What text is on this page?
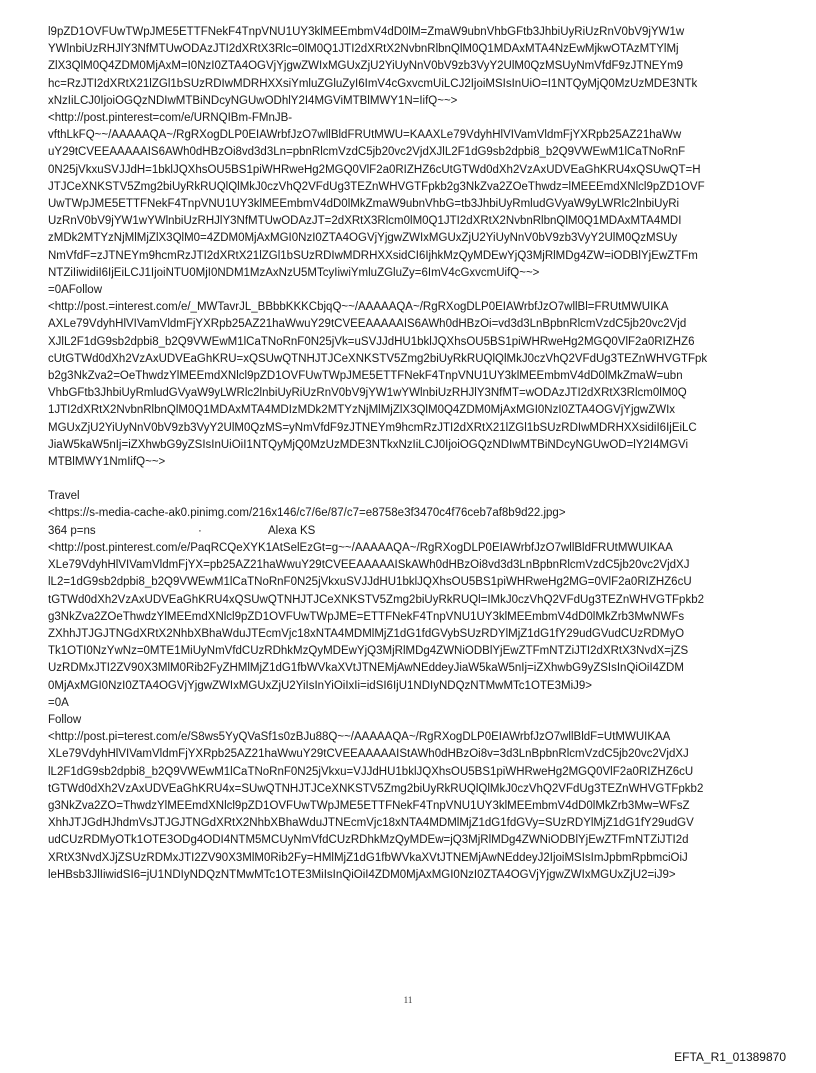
l9pZD1OVFUwTWpJME5ETTFNekF4TnpVNU1UY3klMEEmbmV4dD0lM=ZmaW9ubnVhbGFtb3JhbiUyRiUzRnV0bV9jYW1w
YWlnbiUzRHJlY3NfMTUwODAzJTI2dXRtX3Rlc=0lM0Q1JTI2dXRtX2NvbnRlbnQlM0Q1MDAxMTA4NzEwMjkwOTAzMTYlMj
ZlX3QlM0Q4ZDM0MjAxM=I0NzI0ZTA4OGVjYjgwZWIxMGUxZjU2YiUyNnV0bV9zb3VyY2UlM0QzMSUyNmVfdF9zJTNEYm9
hc=RzJTI2dXRtX21lZGl1bSUzRDIwMDRHXXsiYmluZGluZyI6ImV4cGxvcmUiLCJ2IjoiMSIsInUiO=I1NTQyMjQ0MzUzMDE3NTk
xNzIiLCJ0IjoiOGQzNDIwMTBiNDcyNGUwODhlY2I4MGViMTBlMWY1N=IifQ~~>
<http://post.pinterest=com/e/URNQIBm-FMnJB-
vfthLkFQ~~/AAAAAQA~/RgRXogDLP0EIAWrbfJzO7wllBldFRUtMWU=KAAXLe79VdyhHlVIVamVldmFjYXRpb25AZ21haWw
uY29tCVEEAAAAAIS6AWh0dHBzOi8vd3d3Ln=pbnRlcmVzdC5jb20vc2VjdXJlL2F1dG9sb2dpbi8_b2Q9VWEwM1lCaTNoRnF
0N25jVkxuSVJJdH=1bklJQXhsOU5BS1piWHRweHg2MGQ0VlF2a0RIZHZ6cUtGTWd0dXh2VzAxUDVEaGhKRU4xQSUwQT=H
JTJCeXNKSTV5Zmg2biUyRkRUQlQlMkJ0czVhQ2VFdUg3TEZnWHVGTFpkb2g3NkZva2ZOeThwdz=lMEEEmdXNlcl9pZD1OVF
UwTWpJME5ETTFNekF4TnpVNU1UY3klMEEmbmV4dD0lMkZmaW9ubnVhbG=tb3JhbiUyRmludGVyaW9yLWRlc2lnbiUyRi
UzRnV0bV9jYW1wYWlnbiUzRHJlY3NfMTUwODAzJT=2dXRtX3Rlcm0lM0Q1JTI2dXRtX2NvbnRlbnQlM0Q1MDAxMTA4MDI
zMDk2MTYzNjMlMjZlX3QlM0=4ZDM0MjAxMGI0NzI0ZTA4OGVjYjgwZWIxMGUxZjU2YiUyNnV0bV9zb3VyY2UlM0QzMSUy
NmVfdF=zJTNEYm9hcmRzJTI2dXRtX21lZGl1bSUzRDIwMDRHXXsidCI6IjhkMzQyMDEwYjQ3MjRlMDg4ZW=iODBlYjEwZTFm
NTZiIiwidiI6IjEiLCJ1IjoiNTU0MjI0NDM1MzAxNzU5MTcyIiwiYmluZGluZy=6ImV4cGxvcmUifQ~~>
=0AFollow
<http://post.=interest.com/e/_MWTavrJL_BBbbKKKCbjqQ~~/AAAAAQA~/RgRXogDLP0EIAWrbfJzO7wllBl=FRUtMWUIKA
AXLe79VdyhHlVIVamVldmFjYXRpb25AZ21haWwuY29tCVEEAAAAAIS6AWh0dHBzOi=vd3d3LnBpbnRlcmVzdC5jb20vc2Vjd
XJlL2F1dG9sb2dpbi8_b2Q9VWEwM1lCaTNoRnF0N25jVk=uSVJJdHU1bklJQXhsOU5BS1piWHRweHg2MGQ0VlF2a0RIZHZ6
cUtGTWd0dXh2VzAxUDVEaGhKRU=xQSUwQTNHJTJCeXNKSTV5Zmg2biUyRkRUQlQlMkJ0czVhQ2VFdUg3TEZnWHVGTFpk
b2g3NkZva2=OeThwdzYlMEEmdXNlcl9pZD1OVFUwTWpJME5ETTFNekF4TnpVNU1UY3klMEEmbmV4dD0lMkZmaW=ubn
VhbGFtb3JhbiUyRmludGVyaW9yLWRlc2lnbiUyRiUzRnV0bV9jYW1wYWlnbiUzRHJlY3NfMT=wODAzJTI2dXRtX3Rlcm0lM0Q
1JTI2dXRtX2NvbnRlbnQlM0Q1MDAxMTA4MDIzMDk2MTYzNjMlMjZlX3QlM0Q4ZDM0MjAxMGI0NzI0ZTA4OGVjYjgwZWIx
MGUxZjU2YiUyNnV0bV9zb3VyY2UlM0QzMS=yNmVfdF9zJTNEYm9hcmRzJTI2dXRtX21lZGl1bSUzRDIwMDRHXXsidiI6IjEiLC
JiaW5kaW5nIj=iZXhwbG9yZSIsInUiOiI1NTQyMjQ0MzUzMDE3NTkxNzIiLCJ0IjoiOGQzNDIwMTBiNDcyNGUwOD=lY2I4MGVi
MTBlMWY1NmIifQ~~>
Travel
<https://s-media-cache-ak0.pinimg.com/216x146/c7/6e/87/c7=e8758e3f3470c4f76ceb7af8b9d22.jpg>
364 p=ns	·	Alexa KS
<http://post.pinterest.com/e/PaqRCQeXYK1AtSelEzGt=g~~/AAAAAQA~/RgRXogDLP0EIAWrbfJzO7wllBldFRUtMWUIKAA
XLe79VdyhHlVIVamVldmFjYX=pb25AZ21haWwuY29tCVEEAAAAAISkAWh0dHBzOi8vd3d3LnBpbnRlcmVzdC5jb20vc2VjdXJ
lL2=1dG9sb2dpbi8_b2Q9VWEwM1lCaTNoRnF0N25jVkxuSVJJdHU1bklJQXhsOU5BS1piWHRweHg2MG=0VlF2a0RIZHZ6cU
tGTWd0dXh2VzAxUDVEaGhKRU4xQSUwQTNHJTJCeXNKSTV5Zmg2biUyRkRUQl=IMkJ0czVhQ2VFdUg3TEZnWHVGTFpkb2
g3NkZva2ZOeThwdzYlMEEmdXNlcl9pZD1OVFUwTWpJME=ETTFNekF4TnpVNU1UY3klMEEmbmV4dD0lMkZrb3MwNWFs
ZXhhJTJGJTNGdXRtX2NhbXBhaWduJTEcmVjc18xNTA4MDMlMjZ1dG1fdGVybSUzRDYlMjZ1dG1fY29udGVudCUzRDMyO
Tk1OTI0NzYwNz=0MTE1MiUyNmVfdCUzRDhkMzQyMDEwYjQ3MjRlMDg4ZWNiODBlYjEwZTFmNTZiJTI2dXRtX3NvdX=jZS
UzRDMxJTI2ZV90X3MlM0Rib2FyZHMlMjZ1dG1fbWVkaXVtJTNEMjAwNEddeyJiaW5kaW5nIj=iZXhwbG9yZSIsInQiOiI4ZDM
0MjAxMGI0NzI0ZTA4OGVjYjgwZWIxMGUxZjU2YiIsInYiOiIxIi=idSI6IjU1NDIyNDQzNTMwMTc1OTE3MiJ9>
=0A
Follow
<http://post.pi=terest.com/e/S8ws5YyQVaSf1s0zBJu88Q~~/AAAAAQA~/RgRXogDLP0EIAWrbfJzO7wllBldF=UtMWUIKAA
XLe79VdyhHlVIVamVldmFjYXRpb25AZ21haWwuY29tCVEEAAAAAIStAWh0dHBzOi8v=3d3LnBpbnRlcmVzdC5jb20vc2VjdXJ
lL2F1dG9sb2dpbi8_b2Q9VWEwM1lCaTNoRnF0N25jVkxu=VJJdHU1bklJQXhsOU5BS1piWHRweHg2MGQ0VlF2a0RIZHZ6cU
tGTWd0dXh2VzAxUDVEaGhKRU4x=SUwQTNHJTJCeXNKSTV5Zmg2biUyRkRUQlQlMkJ0czVhQ2VFdUg3TEZnWHVGTFpkb2
g3NkZva2ZO=ThwdzYlMEEmdXNlcl9pZD1OVFUwTWpJME5ETTFNekF4TnpVNU1UY3klMEEmbmV4dD0lMkZrb3Mw=WFsZ
XhhJTJGdHJhdmVsJTJGJTNGdXRtX2NhbXBhaWduJTNEcmVjc18xNTA4MDMlMjZ1dG1fdGVy=SUzRDYlMjZ1dG1fY29udGV
udCUzRDMyOTk1OTE3ODg4ODI4NTM5MCUyNmVfdCUzRDhkMzQyMDEw=jQ3MjRlMDg4ZWNiODBlYjEwZTFmNTZiJTI2d
XRtX3NvdXJjZSUzRDMxJTI2ZV90X3MlM0Rib2Fy=HMlMjZ1dG1fbWVkaXVtJTNEMjAwNEddeyJ2IjoiMSIsImJpbmRpbmciOiJ
leHBsb3JlIiwidSI6=jU1NDIyNDQzNTMwMTc1OTE3MiIsInQiOiI4ZDM0MjAxMGI0NzI0ZTA4OGVjYjgwZWIxMGUxZjU2=iJ9>
11
EFTA_R1_01389870
